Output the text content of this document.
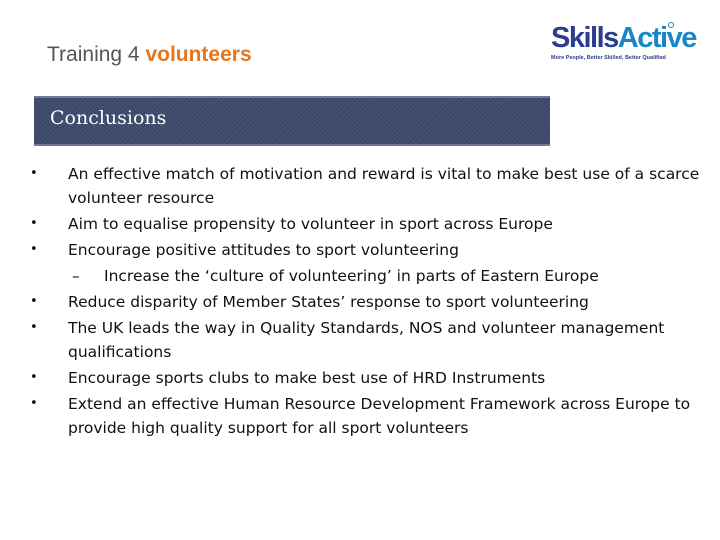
Training 4 volunteers
SkillsActive
More People, Better Skilled, Better Qualified
Conclusions
• An effective match of motivation and reward is vital to make best use of a scarce volunteer resource
• Aim to equalise propensity to volunteer in sport across Europe
• Encourage positive attitudes to sport volunteering
– Increase the ‘culture of volunteering’ in parts of Eastern Europe
• Reduce disparity of Member States’ response to sport volunteering
• The UK leads the way in Quality Standards, NOS and volunteer management qualifications
• Encourage sports clubs to make best use of HRD Instruments
• Extend an effective Human Resource Development Framework across Europe to provide high quality support for all sport volunteers
